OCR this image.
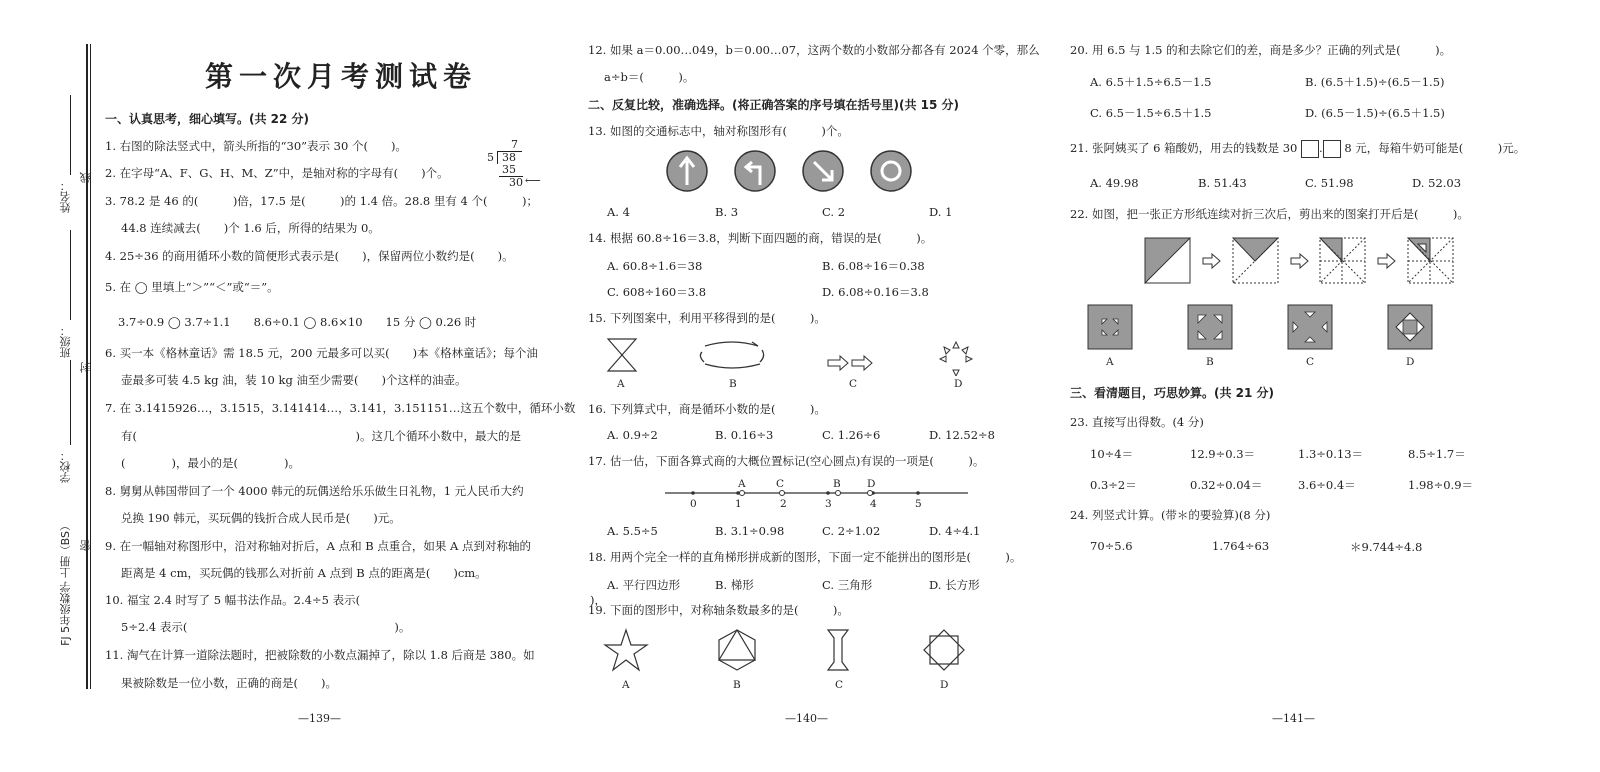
姓名：
班级：
学校：
FJ 5年级数学 上册（BS）
线
封
密
第一次月考测试卷
一、认真思考，细心填写。(共 22 分)
1. 右图的除法竖式中，箭头所指的“30”表示 30 个(　　)。
2. 在字母“A、F、G、H、M、Z”中，是轴对称的字母有(　　)个。
7
5 38
35
30 ⟵
3. 78.2 是 46 的(　　　)倍，17.5 是(　　　)的 1.4 倍。28.8 里有 4 个(　　　)；
44.8 连续减去(　　)个 1.6 后，所得的结果为 0。
4. 25÷36 的商用循环小数的简便形式表示是(　　)，保留两位小数约是(　　)。
5. 在 ◯ 里填上“＞”“＜”或“＝”。
3.7÷0.9 ◯ 3.7÷1.1　　8.6÷0.1 ◯ 8.6×10　　15 分 ◯ 0.26 时
6. 买一本《格林童话》需 18.5 元，200 元最多可以买(　　)本《格林童话》；每个油
壶最多可装 4.5 kg 油，装 10 kg 油至少需要(　　)个这样的油壶。
7. 在 3.1415926…，3.1515，3.141414…，3.141，3.151151…这五个数中，循环小数
有(　　　　　　　　　　　　　　　　　　　)。这几个循环小数中，最大的是
(　　　　)，最小的是(　　　　)。
8. 舅舅从韩国带回了一个 4000 韩元的玩偶送给乐乐做生日礼物，1 元人民币大约
兑换 190 韩元，买玩偶的钱折合成人民币是(　　)元。
9. 在一幅轴对称图形中，沿对称轴对折后，A 点和 B 点重合，如果 A 点到对称轴的
距离是 4 cm，买玩偶的钱那么对折前 A 点到 B 点的距离是(　　)cm。
10. 福宝 2.4 时写了 5 幅书法作品。2.4÷5 表示(　　　　　　　　　　　　　　　　　　　　)，
5÷2.4 表示(　　　　　　　　　　　　　　　　　　)。
11. 淘气在计算一道除法题时，把被除数的小数点漏掉了，除以 1.8 后商是 380。如
果被除数是一位小数，正确的商是(　　)。
—139—
12. 如果 a＝0.00…049，b＝0.00…07，这两个数的小数部分都各有 2024 个零，那么
a÷b＝(　　　)。
二、反复比较，准确选择。(将正确答案的序号填在括号里)(共 15 分)
13. 如图的交通标志中，轴对称图形有(　　　)个。
A. 4	B. 3	C. 2	D. 1
14. 根据 60.8÷16＝3.8，判断下面四题的商，错误的是(　　　)。
A. 60.8÷1.6＝38	B. 6.08÷16＝0.38
C. 608÷160＝3.8	D. 6.08÷0.16＝3.8
15. 下列图案中，利用平移得到的是(　　　)。
A	B	C	D
16. 下列算式中，商是循环小数的是(　　　)。
A. 0.9÷2	B. 0.16÷3	C. 1.26÷6	D. 12.52÷8
17. 估一估，下面各算式商的大概位置标记(空心圆点)有误的一项是(　　　)。
0	1	2	3	4	5
A	C	B	D
A. 5.5÷5	B. 3.1÷0.98	C. 2÷1.02	D. 4÷4.1
18. 用两个完全一样的直角梯形拼成新的图形，下面一定不能拼出的图形是(　　　)。
A. 平行四边形	B. 梯形	C. 三角形	D. 长方形
19. 下面的图形中，对称轴条数最多的是(　　　)。
A	B	C	D
—140—
20. 用 6.5 与 1.5 的和去除它们的差，商是多少？正确的列式是(　　　)。
A. 6.5＋1.5÷6.5－1.5	B. (6.5＋1.5)÷(6.5－1.5)
C. 6.5－1.5÷6.5＋1.5	D. (6.5－1.5)÷(6.5＋1.5)
21. 张阿姨买了 6 箱酸奶，用去的钱数是 30 . 8 元，每箱牛奶可能是(　　　)元。
A. 49.98	B. 51.43	C. 51.98	D. 52.03
22. 如图，把一张正方形纸连续对折三次后，剪出来的图案打开后是(　　　)。
A	B	C	D
三、看清题目，巧思妙算。(共 21 分)
23. 直接写出得数。(4 分)
10÷4＝	12.9÷0.3＝	1.3÷0.13＝	8.5÷1.7＝
0.3÷2＝	0.32÷0.04＝	3.6÷0.4＝	1.98÷0.9＝
24. 列竖式计算。(带＊的要验算)(8 分)
70÷5.6	1.764÷63	＊9.744÷4.8
—141—
